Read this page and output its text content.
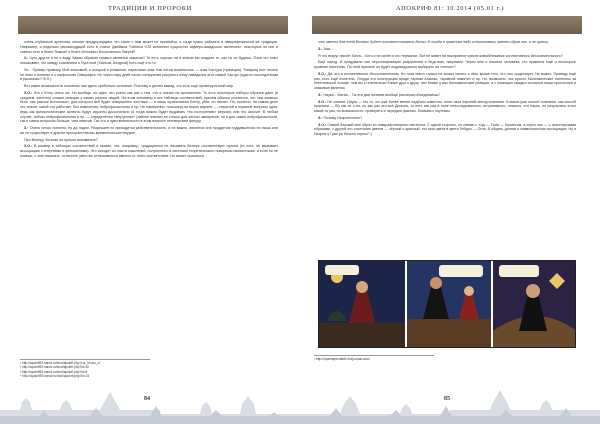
ТРАДИЦИИ И ПРОРОКИ

очень глубинные архетипы, многие предупреждают, что такое с ним может не произойти, и тогда нужно работать в лавкрафтианской же традиции. Например, я недолько рекомендущий есть в статье Джеймса Тэйлеса «Об истинных сущностях шумеро-аккадского пантеона»; некоторые из них и советы есть в Книге Знаков¹ и Книге Истинных Бесконечных Зверей².

3.: Чуть другое я не в виду. Каким образом символ является законом? То есть хорошо ли в знаках вы создали те, как ты их будешь. Пока что опыт показывает, что между сознанием и Пустотой (Хаосом, Бездной) есть ещё что-то.

Хи... Пример привожу. Мой знакомый, и который я упоминал, нарисовал знак. Как потом выяснилось — знак Хастура (трапеция). Товарищ этот ничего не знал о понятии и о мифологии Лавкрафта. Но через пару дней после сотворения рисунка к нему наведался этот самый Хастур (судя по последствиям в рассказах Г.Ф.Л.).

Вот какие возможности познания, как здесь сработало сознание. Поэтому я делаю вывод, что есть ещё промежуточный мир.

З.О.: Это к Юнгу опять же. Но вообще, по идее, это ровно как раз с тем, что я сказал на протяжении. То есть некоторые наборы образов дают (в среднем, конечно) схожие реакции у самых разных людей. На этом основаны и все таблицы соответствий, причём обычно утоняется, что «вы можешь быть там разные источники», для которого всё будет совершенно честным — я лишь ограничиваю Бенту, уйти, но пастях. Но, понятно, на самом деле это значит, какой это работает. Без изменения, нейрофизиология и пр. Не намеренно: поскольку во вкрип варгент — открытой и нервные вопросы одна, ведь как физиологические аспекты будут изучены досконально (и тогда можно будет выдавать «по построению» версии), или это захочет. В любом случае, сейчас нейрофизиология и пр. — определённо «внутрение» (тайное знание) не только для чистых эмпириков, но и для самих нейрофизиологов, так и самих вопросах больше, чем ответов. Так что и чувствительности в этом вопросе неотвергаем фигуру.

З.: Очень плохо понятно, ну да ладно. Разрешите-то приходится действительность, и не важно, является она продуктом поддавшегося ни лишь или же не существует в другом пространственно-временном континууме.

Про Венеру, богатая ли пульпа напоминые?

З.О.: В размер в таблицах соответствий я сказал, что, например, традиционно не называть Венере соответствует пульпа (то есть, он вызывает ассоциации с энергиями и феноменами). Это исходит из опыта поколений, полученного в системах теоретического новорным околистокам, и если ты не знаешь, с чем начинать, то вполне уместно отталкиваться именно от этого соответствия. Но может оказаться,

¹ http://apokrif93.narod.ru/stori/apokrif.php?cur_id=iku_cl
² http://apokrif93.narod.ru/stori/apokrif.php?id=30
³ http://apokrif93.narod.ru/stori/apokrif.php?id=8
⁴ http://apokrif93.narod.ru/stori/apokrif.php?id=23
84
АПОКРИФ 81: 10.2014 (05.01 г.)

что именно для тебя Венеры будет соответствовать Бенчи. И тогда в практике надо использовать именно образ его, а не пульпу.

З.: Ааа...

Я что вокруг насчёт Юнга... Хоть и не силён в его терминах. Вот не живет ли восприятие чувств живой/неживое коллективного бессознательного?

Ещё народ. И придумали они персонификацию разрушения и бедствия, например. Через мне и лишили человека, кто нравятся ещё и некоторые кровные пантеоны. По этой причине он будет индивидуально выбирать на «потом»?

З.О.: Да, это в коллективного бессознательном. Но пока никто только не может ничего о нём, кроме того, что оно существует. Не важно. Приведу ещё раз, есть ещё носитель. Откуда эти конструкции вроде «время Анахиш, «кровной памяти» и пр. Но, возможно, эта просто биохимические пантеоны за генетической основе: чем вы к генетически ближе друг к другу, тем ближе у вас биохимические реакции, а с помощью каждых сигналов наши протослоки и знаковые явления.

З.: Наука... Магия... Ты эти два понятия вообще различия объединяешь?

З.О.: Не совсем. Наука — это то, что уже более менее надёжно известно, плюс свои научный метод познания. А магия (как способ познания, как способ практика — Bi) как не с-на, но как раз эти всё Демона, то есть как раз в поле неисследованного, интуитивного, темного, это наука, но результаты этого какой-то раз, по возможности, проверить и передать фактам, близким к научным.

З.: Почему Ньярлатхотеп?

З.О.: Самый близкий мне образ из лавкрафтианского пантеона. С одной стороны, он связан с Ход — Тьма — Гермесом, а через них — с трикстерскими образами, с другой его сочетание цветов — чёрный и красный, это мои цвета в цвета Гебуры — Огня. В общем, долгая и символическая ассоциация. Ну и Ньярла у Гуаи уж больно хорош¹ :)

¹ http://nyarnapendable.livejournal.com/
85
